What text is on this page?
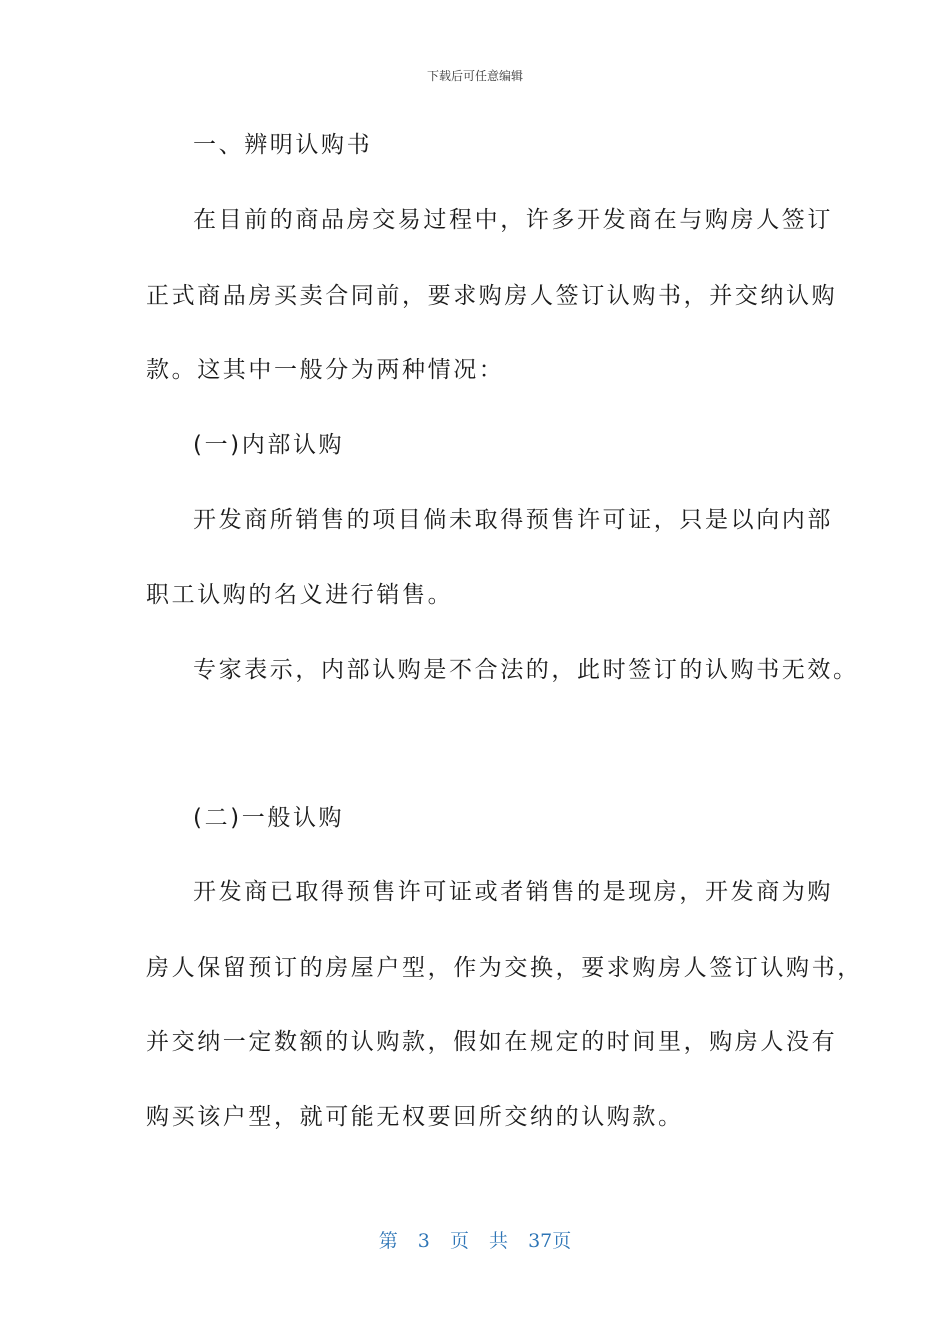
下载后可任意编辑
一、辨明认购书
在目前的商品房交易过程中，许多开发商在与购房人签订
正式商品房买卖合同前，要求购房人签订认购书，并交纳认购
款。这其中一般分为两种情况：
(一)内部认购
开发商所销售的项目倘未取得预售许可证，只是以向内部
职工认购的名义进行销售。
专家表示，内部认购是不合法的，此时签订的认购书无效。
(二)一般认购
开发商已取得预售许可证或者销售的是现房，开发商为购
房人保留预订的房屋户型，作为交换，要求购房人签订认购书，
并交纳一定数额的认购款，假如在规定的时间里，购房人没有
购买该户型，就可能无权要回所交纳的认购款。
第 3 页 共 37页
